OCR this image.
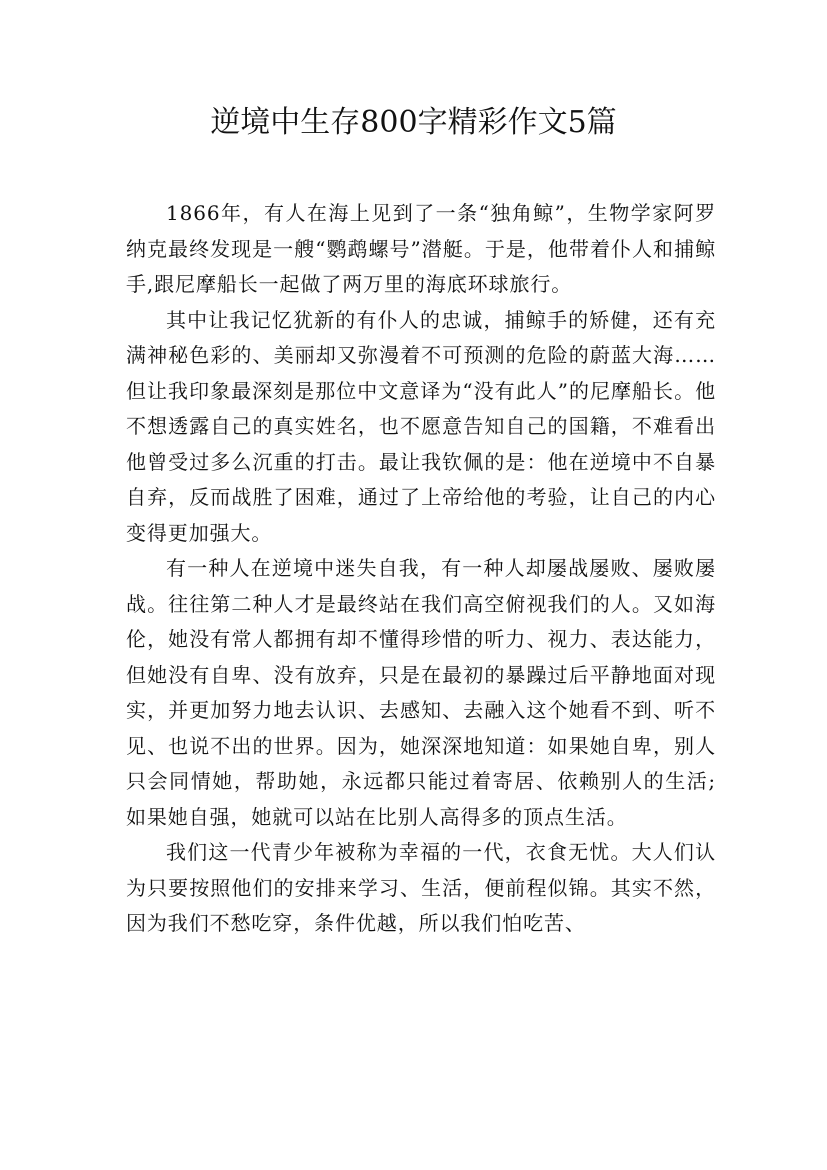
逆境中生存800字精彩作文5篇

1866年，有人在海上见到了一条“独角鲸”，生物学家阿罗纳克最终发现是一艘“鹦鹉螺号”潜艇。于是，他带着仆人和捕鲸手,跟尼摩船长一起做了两万里的海底环球旅行。

其中让我记忆犹新的有仆人的忠诚，捕鲸手的矫健，还有充满神秘色彩的、美丽却又弥漫着不可预测的危险的蔚蓝大海……但让我印象最深刻是那位中文意译为“没有此人”的尼摩船长。他不想透露自己的真实姓名，也不愿意告知自己的国籍，不难看出他曾受过多么沉重的打击。最让我钦佩的是：他在逆境中不自暴自弃，反而战胜了困难，通过了上帝给他的考验，让自己的内心变得更加强大。

有一种人在逆境中迷失自我，有一种人却屡战屡败、屡败屡战。往往第二种人才是最终站在我们高空俯视我们的人。又如海伦，她没有常人都拥有却不懂得珍惜的听力、视力、表达能力，但她没有自卑、没有放弃，只是在最初的暴躁过后平静地面对现实，并更加努力地去认识、去感知、去融入这个她看不到、听不见、也说不出的世界。因为，她深深地知道：如果她自卑，别人只会同情她，帮助她，永远都只能过着寄居、依赖别人的生活;如果她自强，她就可以站在比别人高得多的顶点生活。

我们这一代青少年被称为幸福的一代，衣食无忧。大人们认为只要按照他们的安排来学习、生活，便前程似锦。其实不然，因为我们不愁吃穿，条件优越，所以我们怕吃苦、
